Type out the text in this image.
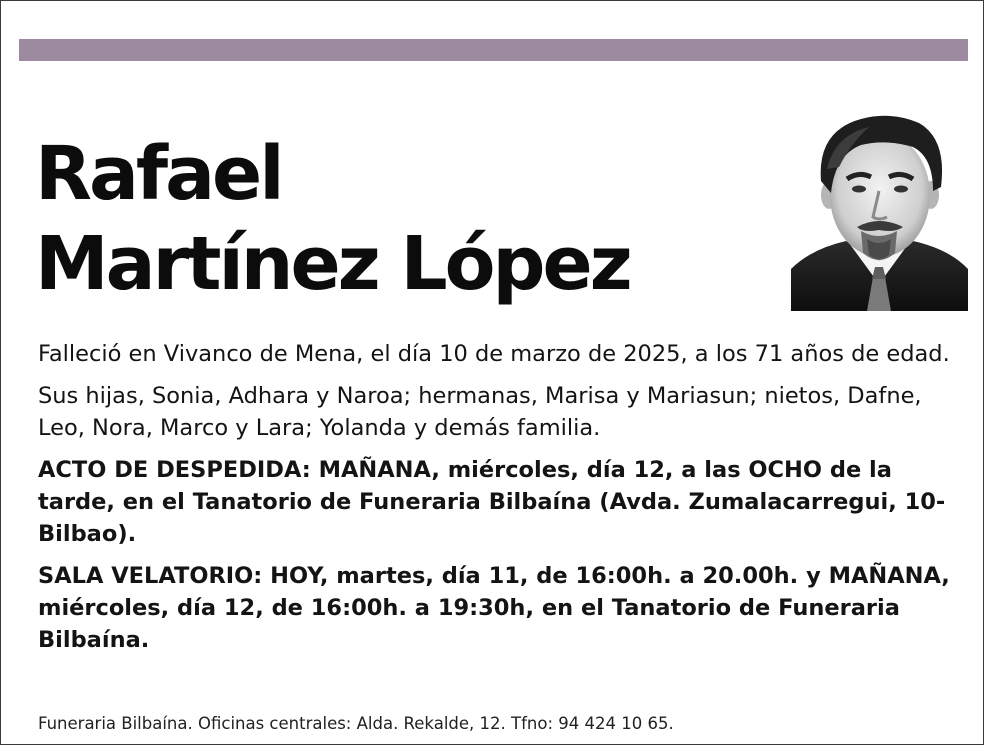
Rafael
Martínez López

Falleció en Vivanco de Mena, el día 10 de marzo de 2025, a los 71 años de edad.

Sus hijas, Sonia, Adhara y Naroa; hermanas, Marisa y Mariasun; nietos, Dafne, Leo, Nora, Marco y Lara; Yolanda y demás familia.

ACTO DE DESPEDIDA: MAÑANA, miércoles, día 12, a las OCHO de la tarde, en el Tanatorio de Funeraria Bilbaína (Avda. Zumalacarregui, 10-Bilbao).

SALA VELATORIO: HOY, martes, día 11, de 16:00h. a 20.00h. y MAÑANA, miércoles, día 12, de 16:00h. a 19:30h, en el Tanatorio de Funeraria Bilbaína.

Funeraria Bilbaína. Oficinas centrales: Alda. Rekalde, 12. Tfno: 94 424 10 65.
